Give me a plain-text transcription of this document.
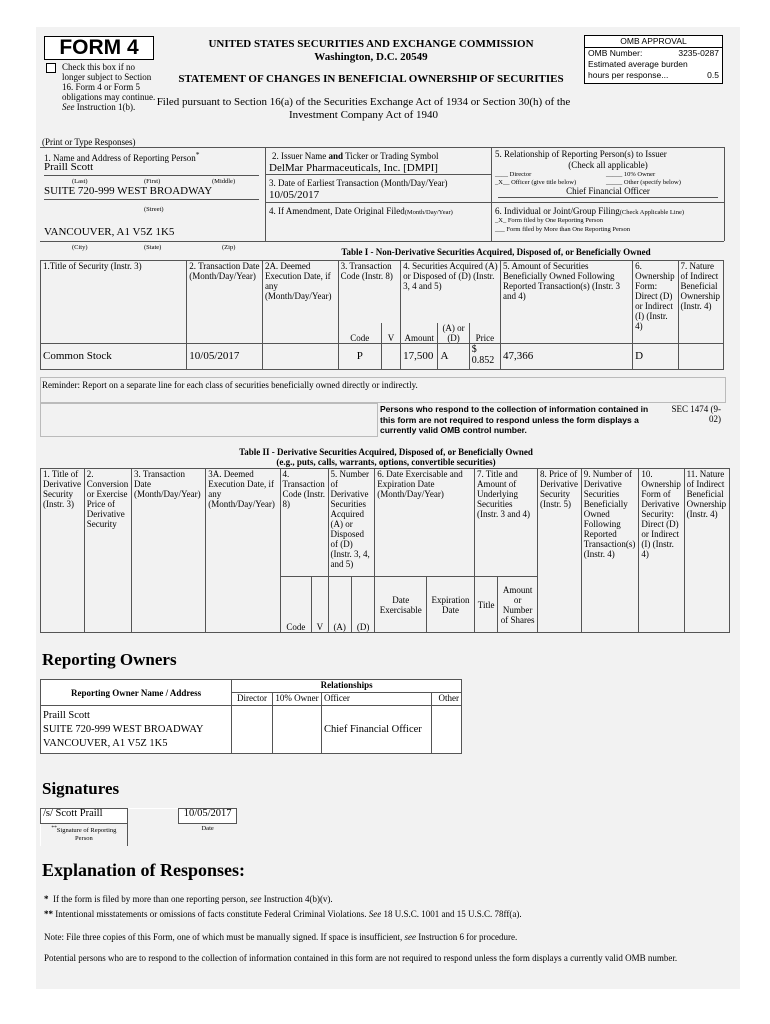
FORM 4
Check this box if no longer subject to Section 16. Form 4 or Form 5 obligations may continue. See Instruction 1(b).
UNITED STATES SECURITIES AND EXCHANGE COMMISSION
Washington, D.C. 20549
STATEMENT OF CHANGES IN BENEFICIAL OWNERSHIP OF SECURITIES
Filed pursuant to Section 16(a) of the Securities Exchange Act of 1934 or Section 30(h) of the
Investment Company Act of 1940
OMB APPROVAL
OMB Number:	3235-0287
Estimated average burden
hours per response...	0.5
(Print or Type Responses)
1. Name and Address of Reporting Person*
Praill Scott
(Last)	(First)	(Middle)
SUITE 720-999 WEST BROADWAY
(Street)
VANCOUVER, A1 V5Z 1K5
(City)	(State)	(Zip)
2. Issuer Name and Ticker or Trading Symbol
DelMar Pharmaceuticals, Inc. [DMPI]
3. Date of Earliest Transaction (Month/Day/Year)
10/05/2017
4. If Amendment, Date Original Filed(Month/Day/Year)
5. Relationship of Reporting Person(s) to Issuer
(Check all applicable)
____ Director	_____ 10% Owner
_X__ Officer (give title below)	_____ Other (specify below)
Chief Financial Officer
6. Individual or Joint/Group Filing(Check Applicable Line)
_X_ Form filed by One Reporting Person
___ Form filed by More than One Reporting Person
Table I - Non-Derivative Securities Acquired, Disposed of, or Beneficially Owned
1.Title of Security (Instr. 3)	2. Transaction Date (Month/Day/Year)	2A. Deemed Execution Date, if any (Month/Day/Year)	3. Transaction Code (Instr. 8)		4. Securities Acquired (A) or Disposed of (D) (Instr. 3, 4 and 5)			5. Amount of Securities Beneficially Owned Following Reported Transaction(s) (Instr. 3 and 4)	6. Ownership Form: Direct (D) or Indirect (I) (Instr. 4)	7. Nature of Indirect Beneficial Ownership (Instr. 4)
			Code	V	Amount	(A) or (D)	Price			
Common Stock	10/05/2017		P		17,500	A	$
0.852	47,366	D	
Reminder: Report on a separate line for each class of securities beneficially owned directly or indirectly.
Persons who respond to the collection of information contained in this form are not required to respond unless the form displays a currently valid OMB control number.
SEC 1474 (9-02)
Table II - Derivative Securities Acquired, Disposed of, or Beneficially Owned
(e.g., puts, calls, warrants, options, convertible securities)
1. Title of Derivative Security (Instr. 3)	2. Conversion or Exercise Price of Derivative Security	3. Transaction Date (Month/Day/Year)	3A. Deemed Execution Date, if any (Month/Day/Year)	4. Transaction Code (Instr. 8)		5. Number of Derivative Securities Acquired (A) or Disposed of (D) (Instr. 3, 4, and 5)		6. Date Exercisable and Expiration Date (Month/Day/Year)		7. Title and Amount of Underlying Securities (Instr. 3 and 4)		8. Price of Derivative Security (Instr. 5)	9. Number of Derivative Securities Beneficially Owned Following Reported Transaction(s) (Instr. 4)	10. Ownership Form of Derivative Security: Direct (D) or Indirect (I) (Instr. 4)	11. Nature of Indirect Beneficial Ownership (Instr. 4)
				Code	V	(A)	(D)	Date Exercisable	Expiration Date	Title	Amount or Number of Shares				
Reporting Owners
Reporting Owner Name / Address	Relationships			
	Director	10% Owner	Officer	Other

Praill Scott
SUITE 720-999 WEST BROADWAY
VANCOUVER, A1 V5Z 1K5			Chief Financial Officer	
Signatures
/s/ Scott Praill		10/05/2017
**Signature of Reporting Person		Date
Explanation of Responses:
* If the form is filed by more than one reporting person, see Instruction 4(b)(v).
** Intentional misstatements or omissions of facts constitute Federal Criminal Violations. See 18 U.S.C. 1001 and 15 U.S.C. 78ff(a).
Note: File three copies of this Form, one of which must be manually signed. If space is insufficient, see Instruction 6 for procedure.
Potential persons who are to respond to the collection of information contained in this form are not required to respond unless the form displays a currently valid OMB number.
